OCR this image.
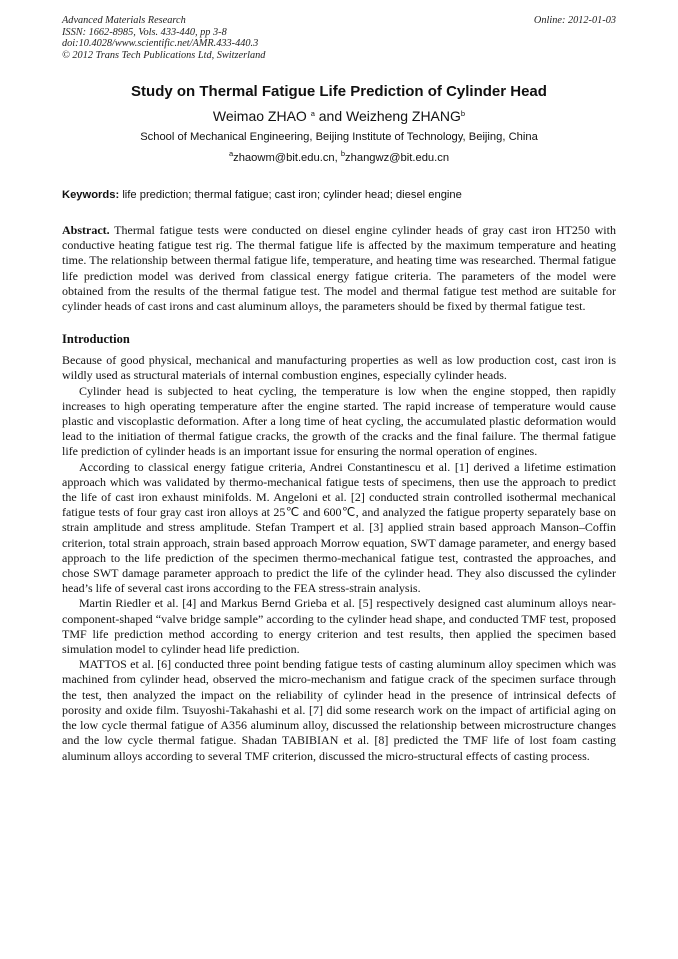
Advanced Materials Research
ISSN: 1662-8985, Vols. 433-440, pp 3-8
doi:10.4028/www.scientific.net/AMR.433-440.3
© 2012 Trans Tech Publications Ltd, Switzerland
Online: 2012-01-03
Study on Thermal Fatigue Life Prediction of Cylinder Head
Weimao ZHAO $^a$ and Weizheng ZHANG$^b$
School of Mechanical Engineering, Beijing Institute of Technology, Beijing, China
$^a$zhaowm@bit.edu.cn, $^b$zhangwz@bit.edu.cn
Keywords: life prediction; thermal fatigue; cast iron; cylinder head; diesel engine

Abstract. Thermal fatigue tests were conducted on diesel engine cylinder heads of gray cast iron HT250 with conductive heating fatigue test rig. The thermal fatigue life is affected by the maximum temperature and heating time. The relationship between thermal fatigue life, temperature, and heating time was researched. Thermal fatigue life prediction model was derived from classical energy fatigue criteria. The parameters of the model were obtained from the results of the thermal fatigue test. The model and thermal fatigue test method are suitable for cylinder heads of cast irons and cast aluminum alloys, the parameters should be fixed by thermal fatigue test.

Introduction

Because of good physical, mechanical and manufacturing properties as well as low production cost, cast iron is wildly used as structural materials of internal combustion engines, especially cylinder heads.

Cylinder head is subjected to heat cycling, the temperature is low when the engine stopped, then rapidly increases to high operating temperature after the engine started. The rapid increase of temperature would cause plastic and viscoplastic deformation. After a long time of heat cycling, the accumulated plastic deformation would lead to the initiation of thermal fatigue cracks, the growth of the cracks and the final failure. The thermal fatigue life prediction of cylinder heads is an important issue for ensuring the normal operation of engines.

According to classical energy fatigue criteria, Andrei Constantinescu et al. [1] derived a lifetime estimation approach which was validated by thermo-mechanical fatigue tests of specimens, then use the approach to predict the life of cast iron exhaust minifolds. M. Angeloni et al. [2] conducted strain controlled isothermal mechanical fatigue tests of four gray cast iron alloys at 25℃ and 600℃, and analyzed the fatigue property separately base on strain amplitude and stress amplitude. Stefan Trampert et al. [3] applied strain based approach Manson–Coffin criterion, total strain approach, strain based approach Morrow equation, SWT damage parameter, and energy based approach to the life prediction of the specimen thermo-mechanical fatigue test, contrasted the approaches, and chose SWT damage parameter approach to predict the life of the cylinder head. They also discussed the cylinder head’s life of several cast irons according to the FEA stress-strain analysis.

Martin Riedler et al. [4] and Markus Bernd Grieba et al. [5] respectively designed cast aluminum alloys near-component-shaped “valve bridge sample” according to the cylinder head shape, and conducted TMF test, proposed TMF life prediction method according to energy criterion and test results, then applied the specimen based simulation model to cylinder head life prediction.

MATTOS et al. [6] conducted three point bending fatigue tests of casting aluminum alloy specimen which was machined from cylinder head, observed the micro-mechanism and fatigue crack of the specimen surface through the test, then analyzed the impact on the reliability of cylinder head in the presence of intrinsical defects of porosity and oxide film. Tsuyoshi-Takahashi et al. [7] did some research work on the impact of artificial aging on the low cycle thermal fatigue of A356 aluminum alloy, discussed the relationship between microstructure changes and the low cycle thermal fatigue. Shadan TABIBIAN et al. [8] predicted the TMF life of lost foam casting aluminum alloys according to several TMF criterion, discussed the micro-structural effects of casting process.
